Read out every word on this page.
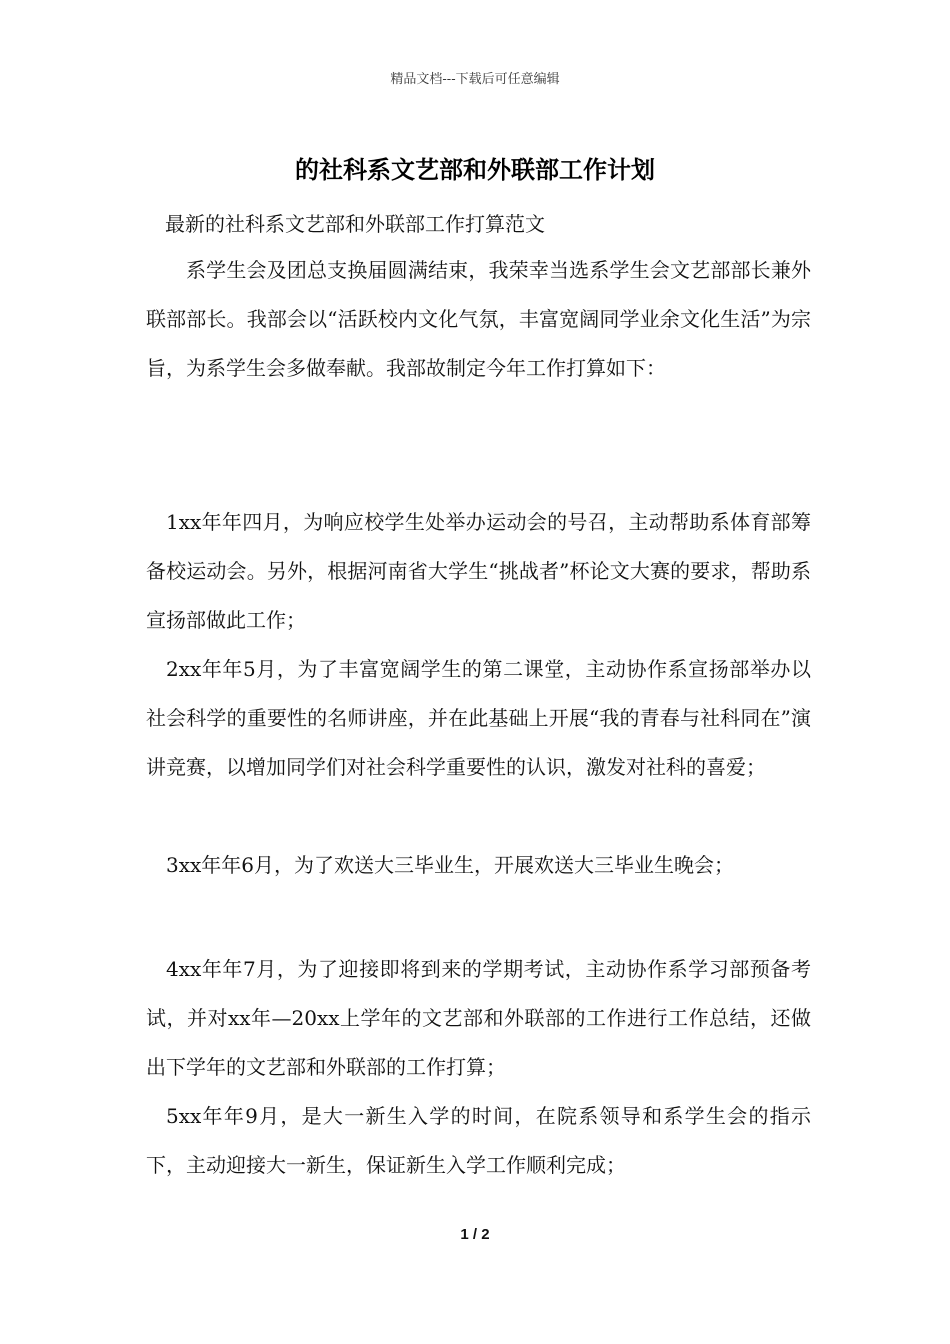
精品文档---下载后可任意编辑
的社科系文艺部和外联部工作计划
最新的社科系文艺部和外联部工作打算范文

系学生会及团总支换届圆满结束，我荣幸当选系学生会文艺部部长兼外联部部长。我部会以“活跃校内文化气氛，丰富宽阔同学业余文化生活”为宗旨，为系学生会多做奉献。我部故制定今年工作打算如下：

1xx年年四月，为响应校学生处举办运动会的号召，主动帮助系体育部筹备校运动会。另外，根据河南省大学生“挑战者”杯论文大赛的要求，帮助系宣扬部做此工作；

2xx年年5月，为了丰富宽阔学生的第二课堂，主动协作系宣扬部举办以社会科学的重要性的名师讲座，并在此基础上开展“我的青春与社科同在”演讲竞赛，以增加同学们对社会科学重要性的认识，激发对社科的喜爱；

3xx年年6月，为了欢送大三毕业生，开展欢送大三毕业生晚会；

4xx年年7月，为了迎接即将到来的学期考试，主动协作系学习部预备考试，并对xx年—20xx上学年的文艺部和外联部的工作进行工作总结，还做出下学年的文艺部和外联部的工作打算；

5xx年年9月，是大一新生入学的时间，在院系领导和系学生会的指示下，主动迎接大一新生，保证新生入学工作顺利完成；

1 / 2
